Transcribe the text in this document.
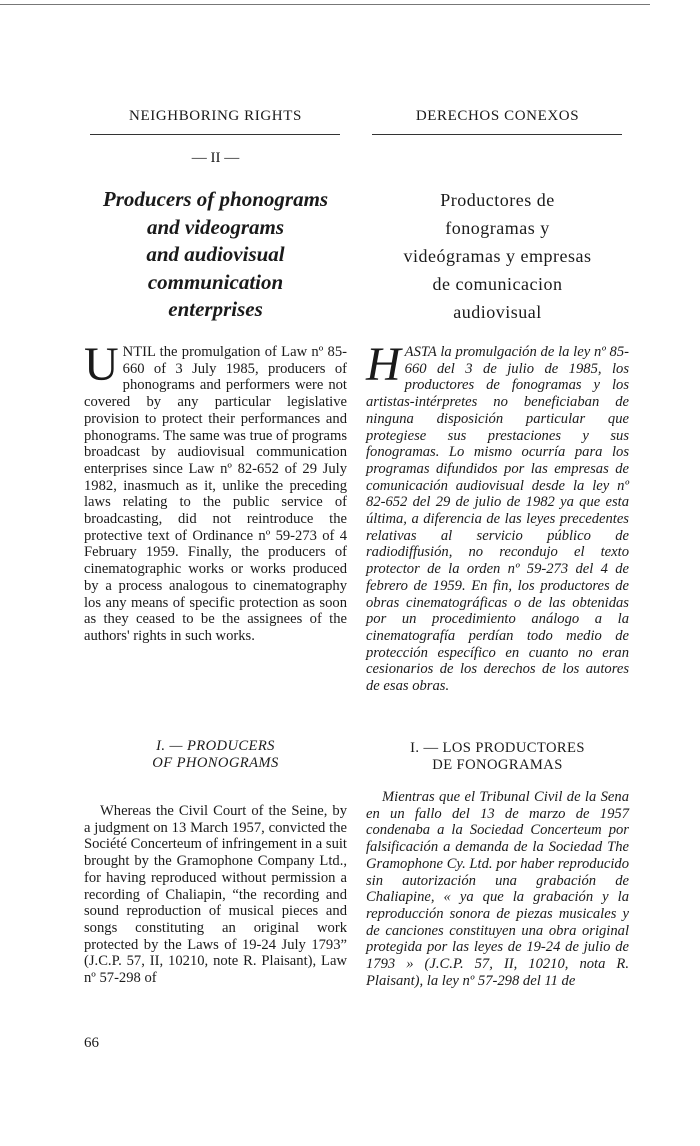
NEIGHBORING RIGHTS
— II —
Producers of phonograms
and videograms
and audiovisual
communication
enterprises
UNTIL the promulgation of Law nº 85-660 of 3 July 1985, producers of phonograms and performers were not covered by any particular legislative provision to protect their performances and phonograms. The same was true of programs broadcast by audiovisual communication enterprises since Law nº 82-652 of 29 July 1982, inasmuch as it, unlike the preceding laws relating to the public service of broadcasting, did not reintroduce the protective text of Ordinance nº 59-273 of 4 February 1959. Finally, the producers of cinematographic works or works produced by a process analogous to cinematography los any means of specific protection as soon as they ceased to be the assignees of the authors' rights in such works.
I. — PRODUCERS
OF PHONOGRAMS
Whereas the Civil Court of the Seine, by a judgment on 13 March 1957, convicted the Société Concerteum of infringement in a suit brought by the Gramophone Company Ltd., for having reproduced without permission a recording of Chaliapin, “the recording and sound reproduction of musical pieces and songs constituting an original work protected by the Laws of 19-24 July 1793” (J.C.P. 57, II, 10210, note R. Plaisant), Law nº 57-298 of
66
DERECHOS CONEXOS
Productores de
fonogramas y
videógramas y empresas
de comunicacion
audiovisual
HASTA la promulgación de la ley nº 85-660 del 3 de julio de 1985, los productores de fonogramas y los artistas-intérpretes no beneficiaban de ninguna disposición particular que protegiese sus prestaciones y sus fonogramas. Lo mismo ocurría para los programas difundidos por las empresas de comunicación audiovisual desde la ley nº 82-652 del 29 de julio de 1982 ya que esta última, a diferencia de las leyes precedentes relativas al servicio público de radiodiffusión, no recondujo el texto protector de la orden nº 59-273 del 4 de febrero de 1959. En fin, los productores de obras cinematográficas o de las obtenidas por un procedimiento análogo a la cinematografía perdían todo medio de protección específico en cuanto no eran cesionarios de los derechos de los autores de esas obras.
I. — LOS PRODUCTORES
DE FONOGRAMAS
Mientras que el Tribunal Civil de la Sena en un fallo del 13 de marzo de 1957 condenaba a la Sociedad Concerteum por falsificación a demanda de la Sociedad The Gramophone Cy. Ltd. por haber reproducido sin autorización una grabación de Chaliapine, « ya que la grabación y la reproducción sonora de piezas musicales y de canciones constituyen una obra original protegida por las leyes de 19-24 de julio de 1793 » (J.C.P. 57, II, 10210, nota R. Plaisant), la ley nº 57-298 del 11 de
